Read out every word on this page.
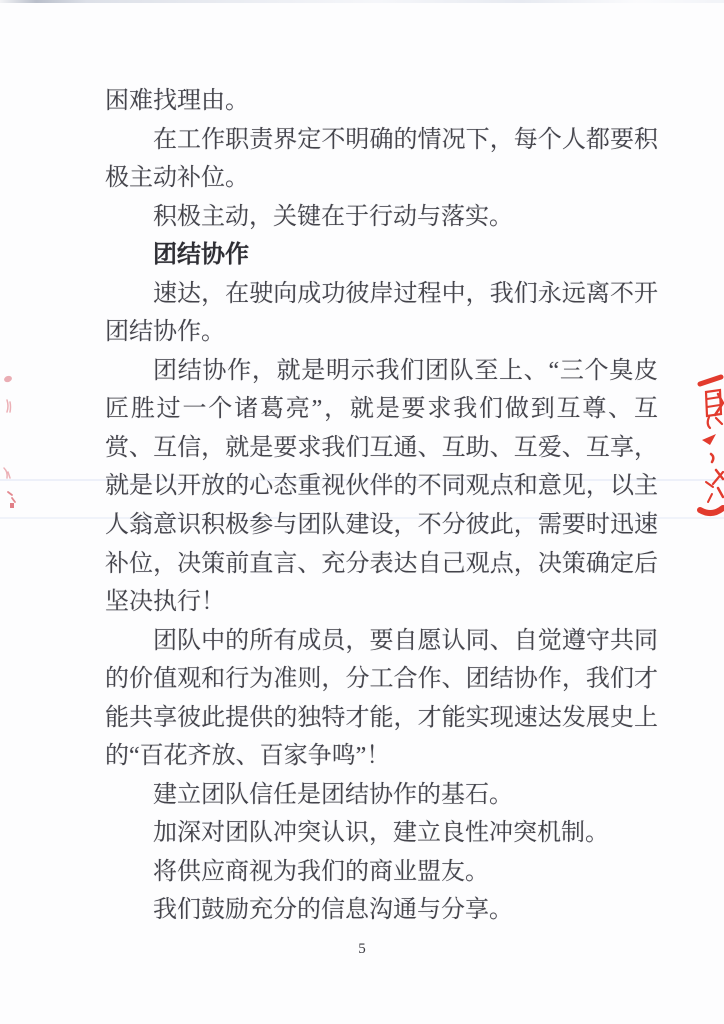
困难找理由。

在工作职责界定不明确的情况下，每个人都要积极主动补位。

积极主动，关键在于行动与落实。

团结协作

速达，在驶向成功彼岸过程中，我们永远离不开团结协作。

团结协作，就是明示我们团队至上、“三个臭皮匠胜过一个诸葛亮”，就是要求我们做到互尊、互赏、互信，就是要求我们互通、互助、互爱、互享，就是以开放的心态重视伙伴的不同观点和意见，以主人翁意识积极参与团队建设，不分彼此，需要时迅速补位，决策前直言、充分表达自己观点，决策确定后坚决执行！

团队中的所有成员，要自愿认同、自觉遵守共同的价值观和行为准则，分工合作、团结协作，我们才能共享彼此提供的独特才能，才能实现速达发展史上的“百花齐放、百家争鸣”！

建立团队信任是团结协作的基石。

加深对团队冲突认识，建立良性冲突机制。

将供应商视为我们的商业盟友。

我们鼓励充分的信息沟通与分享。

5
